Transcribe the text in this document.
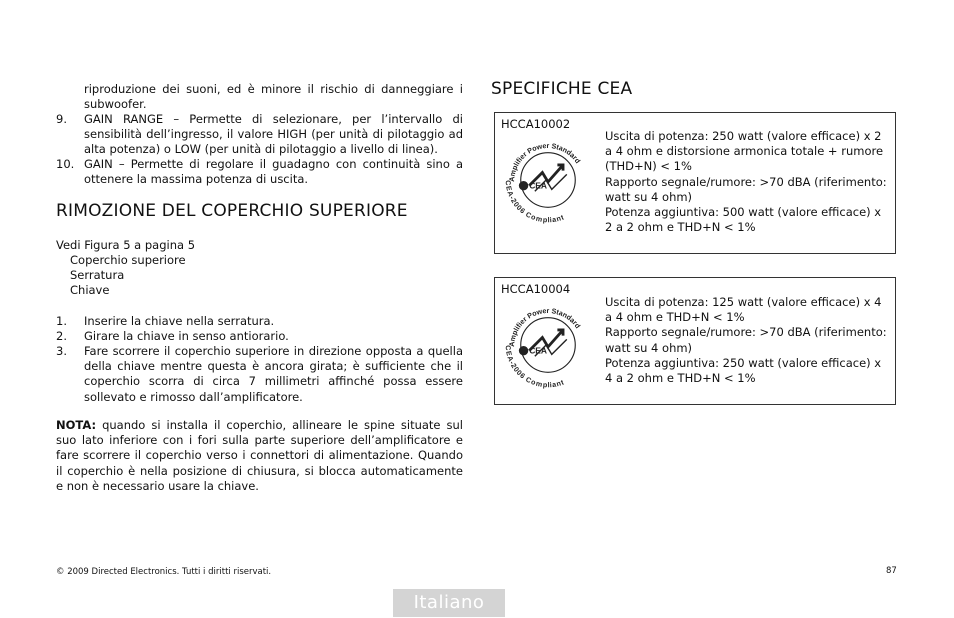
riproduzione dei suoni, ed è minore il rischio di danneggiare i subwoofer.
9. GAIN RANGE – Permette di selezionare, per l’intervallo di sensibilità dell’ingresso, il valore HIGH (per unità di pilotaggio ad alta potenza) o LOW (per unità di pilotaggio a livello di linea).
10. GAIN – Permette di regolare il guadagno con continuità sino a ottenere la massima potenza di uscita.
RIMOZIONE DEL COPERCHIO SUPERIORE
Vedi Figura 5 a pagina 5
Coperchio superiore
Serratura
Chiave
1. Inserire la chiave nella serratura.
2. Girare la chiave in senso antiorario.
3. Fare scorrere il coperchio superiore in direzione opposta a quella della chiave mentre questa è ancora girata; è sufficiente che il coperchio scorra di circa 7 millimetri affinché possa essere sollevato e rimosso dall’amplificatore.
NOTA: quando si installa il coperchio, allineare le spine situate sul suo lato inferiore con i fori sulla parte superiore dell’amplificatore e fare scorrere il coperchio verso i connettori di alimentazione. Quando il coperchio è nella posizione di chiusura, si blocca automaticamente e non è necessario usare la chiave.
SPECIFICHE CEA
HCCA10002
CEA
Amplifier Power Standard
CEA-2006 Compliant
Uscita di potenza: 250 watt (valore efficace) x 2
a 4 ohm e distorsione armonica totale + rumore
(THD+N) < 1%
Rapporto segnale/rumore: >70 dBA (riferimento:
watt su 4 ohm)
Potenza aggiuntiva: 500 watt (valore efficace) x
2 a 2 ohm e THD+N < 1%
HCCA10004
CEA
Amplifier Power Standard
CEA-2006 Compliant
Uscita di potenza: 125 watt (valore efficace) x 4
a 4 ohm e THD+N < 1%
Rapporto segnale/rumore: >70 dBA (riferimento:
watt su 4 ohm)
Potenza aggiuntiva: 250 watt (valore efficace) x
4 a 2 ohm e THD+N < 1%
© 2009 Directed Electronics. Tutti i diritti riservati.	87
Italiano
